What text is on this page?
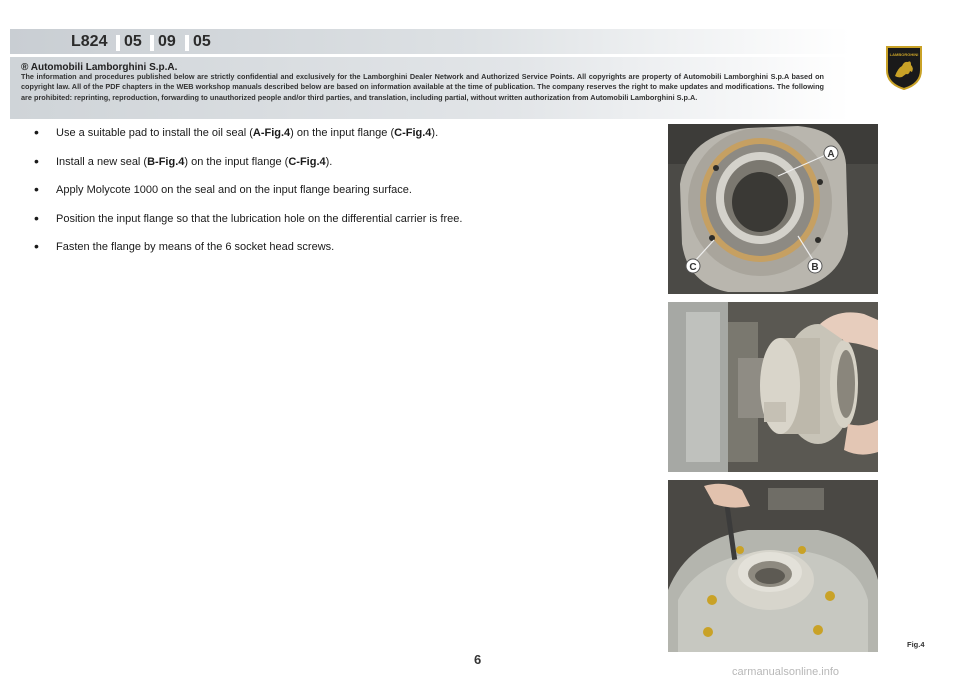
L824 05 09 05
LAMBORGHINI
® Automobili Lamborghini S.p.A.
The information and procedures published below are strictly confidential and exclusively for the Lamborghini Dealer Network and Authorized Service Points. All copyrights are property of Automobili Lamborghini S.p.A based on copyright law. All of the PDF chapters in the WEB workshop manuals described below are based on information available at the time of publication. The company reserves the right to make updates and modifications. The following are prohibited: reprinting, reproduction, forwarding to unauthorized people and/or third parties, and translation, including partial, without written authorization from Automobili Lamborghini S.p.A.
• Use a suitable pad to install the oil seal (A-Fig.4) on the input flange (C-Fig.4).
• Install a new seal (B-Fig.4) on the input flange (C-Fig.4).
• Apply Molycote 1000 on the seal and on the input flange bearing surface.
• Position the input flange so that the lubrication hole on the differential carrier is free.
• Fasten the flange by means of the 6 socket head screws.
A
B
C
Fig.4
6
carmanualsonline.info
